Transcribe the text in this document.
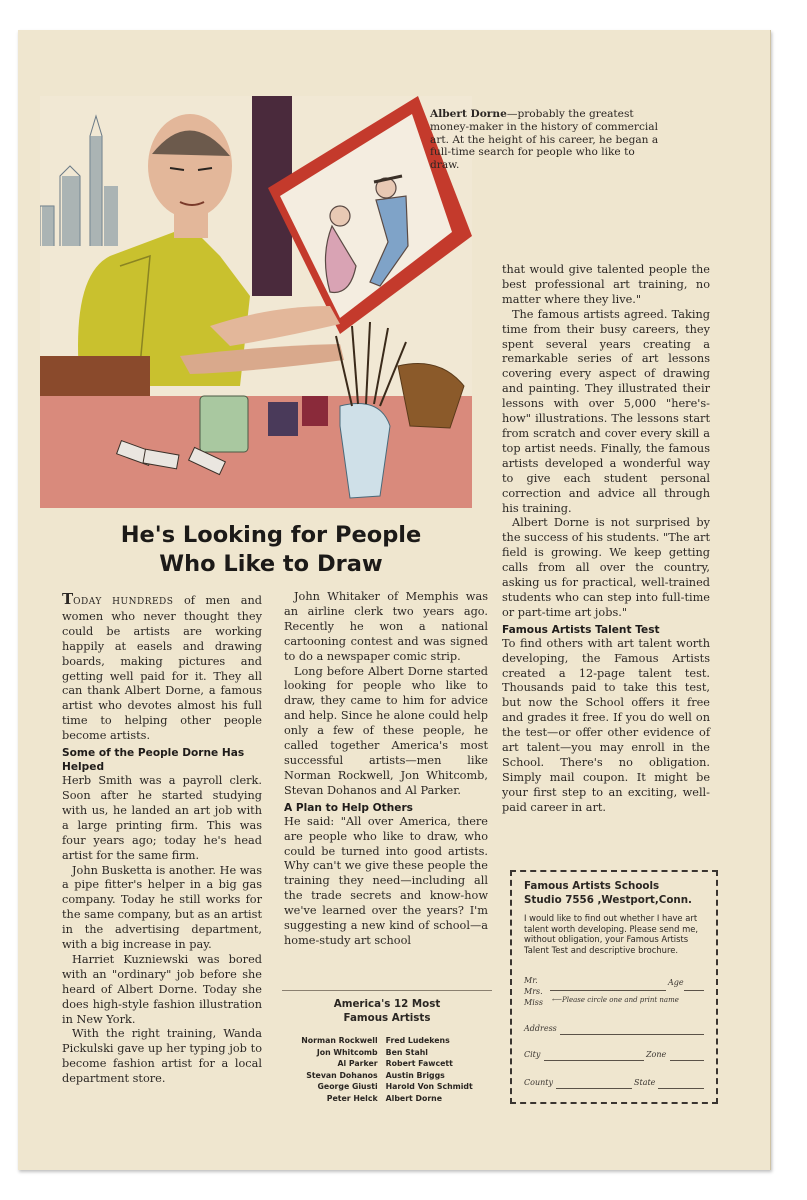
Albert Dorne—probably the greatest money-maker in the history of commercial art. At the height of his career, he began a full-time search for people who like to draw.
He's Looking for People
Who Like to Draw

TODAY HUNDREDS of men and women who never thought they could be artists are working happily at easels and drawing boards, making pictures and getting well paid for it. They all can thank Albert Dorne, a famous artist who devotes almost his full time to helping other people become artists.

Some of the People Dorne Has Helped

Herb Smith was a payroll clerk. Soon after he started studying with us, he landed an art job with a large printing firm. This was four years ago; today he's head artist for the same firm.

John Busketta is another. He was a pipe fitter's helper in a big gas company. Today he still works for the same company, but as an artist in the advertising department, with a big increase in pay.

Harriet Kuzniewski was bored with an "ordinary" job before she heard of Albert Dorne. Today she does high-style fashion illustration in New York.

With the right training, Wanda Pickulski gave up her typing job to become fashion artist for a local department store.

John Whitaker of Memphis was an airline clerk two years ago. Recently he won a national cartooning contest and was signed to do a newspaper comic strip.

Long before Albert Dorne started looking for people who like to draw, they came to him for advice and help. Since he alone could help only a few of these people, he called together America's most successful artists—men like Norman Rockwell, Jon Whitcomb, Stevan Dohanos and Al Parker.

A Plan to Help Others

He said: "All over America, there are people who like to draw, who could be turned into good artists. Why can't we give these people the training they need—including all the trade secrets and know-how we've learned over the years? I'm suggesting a new kind of school—a home-study art school

America's 12 Most
Famous Artists
Norman Rockwell	Fred Ludekens
Jon Whitcomb	Ben Stahl
Al Parker	Robert Fawcett
Stevan Dohanos	Austin Briggs
George Giusti	Harold Von Schmidt
Peter Helck	Albert Dorne

that would give talented people the best professional art training, no matter where they live."

The famous artists agreed. Taking time from their busy careers, they spent several years creating a remarkable series of art lessons covering every aspect of drawing and painting. They illustrated their lessons with over 5,000 "here's-how" illustrations. The lessons start from scratch and cover every skill a top artist needs. Finally, the famous artists developed a wonderful way to give each student personal correction and advice all through his training.

Albert Dorne is not surprised by the success of his students. "The art field is growing. We keep getting calls from all over the country, asking us for practical, well-trained students who can step into full-time or part-time art jobs."

Famous Artists Talent Test

To find others with art talent worth developing, the Famous Artists created a 12-page talent test. Thousands paid to take this test, but now the School offers it free and grades it free. If you do well on the test—or offer other evidence of art talent—you may enroll in the School. There's no obligation. Simply mail coupon. It might be your first step to an exciting, well-paid career in art.

Famous Artists Schools
Studio 7556 ,Westport,Conn.
I would like to find out whether I have art talent worth developing. Please send me, without obligation, your Famous Artists Talent Test and descriptive brochure.
Mr.
Mrs.
Miss
Age
⟵Please circle one and print name
Address
City	Zone
County	State
